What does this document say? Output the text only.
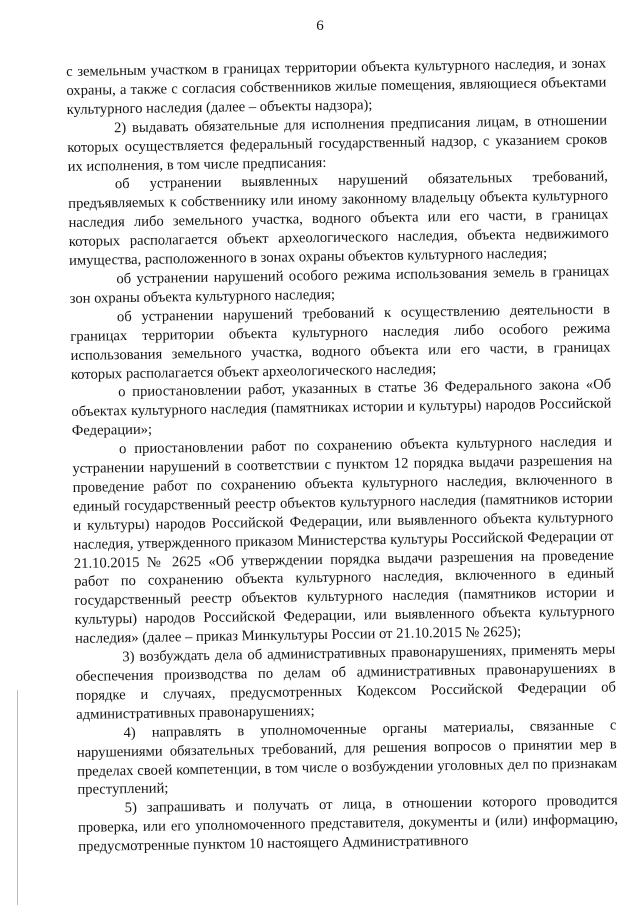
6

с земельным участком в границах территории объекта культурного наследия, и зонах охраны, а также с согласия собственников жилые помещения, являющиеся объектами культурного наследия (далее – объекты надзора);

2) выдавать обязательные для исполнения предписания лицам, в отношении которых осуществляется федеральный государственный надзор, с указанием сроков их исполнения, в том числе предписания:

об устранении выявленных нарушений обязательных требований, предъявляемых к собственнику или иному законному владельцу объекта культурного наследия либо земельного участка, водного объекта или его части, в границах которых располагается объект археологического наследия, объекта недвижимого имущества, расположенного в зонах охраны объектов культурного наследия;

об устранении нарушений особого режима использования земель в границах зон охраны объекта культурного наследия;

об устранении нарушений требований к осуществлению деятельности в границах территории объекта культурного наследия либо особого режима использования земельного участка, водного объекта или его части, в границах которых располагается объект археологического наследия;

о приостановлении работ, указанных в статье 36 Федерального закона «Об объектах культурного наследия (памятниках истории и культуры) народов Российской Федерации»;

о приостановлении работ по сохранению объекта культурного наследия и устранении нарушений в соответствии с пунктом 12 порядка выдачи разрешения на проведение работ по сохранению объекта культурного наследия, включенного в единый государственный реестр объектов культурного наследия (памятников истории и культуры) народов Российской Федерации, или выявленного объекта культурного наследия, утвержденного приказом Министерства культуры Российской Федерации от 21.10.2015 № 2625 «Об утверждении порядка выдачи разрешения на проведение работ по сохранению объекта культурного наследия, включенного в единый государственный реестр объектов культурного наследия (памятников истории и культуры) народов Российской Федерации, или выявленного объекта культурного наследия» (далее – приказ Минкультуры России от 21.10.2015 № 2625);

3) возбуждать дела об административных правонарушениях, применять меры обеспечения производства по делам об административных правонарушениях в порядке и случаях, предусмотренных Кодексом Российской Федерации об административных правонарушениях;

4) направлять в уполномоченные органы материалы, связанные с нарушениями обязательных требований, для решения вопросов о принятии мер в пределах своей компетенции, в том числе о возбуждении уголовных дел по признакам преступлений;

5) запрашивать и получать от лица, в отношении которого проводится проверка, или его уполномоченного представителя, документы и (или) информацию, предусмотренные пунктом 10 настоящего Административного
